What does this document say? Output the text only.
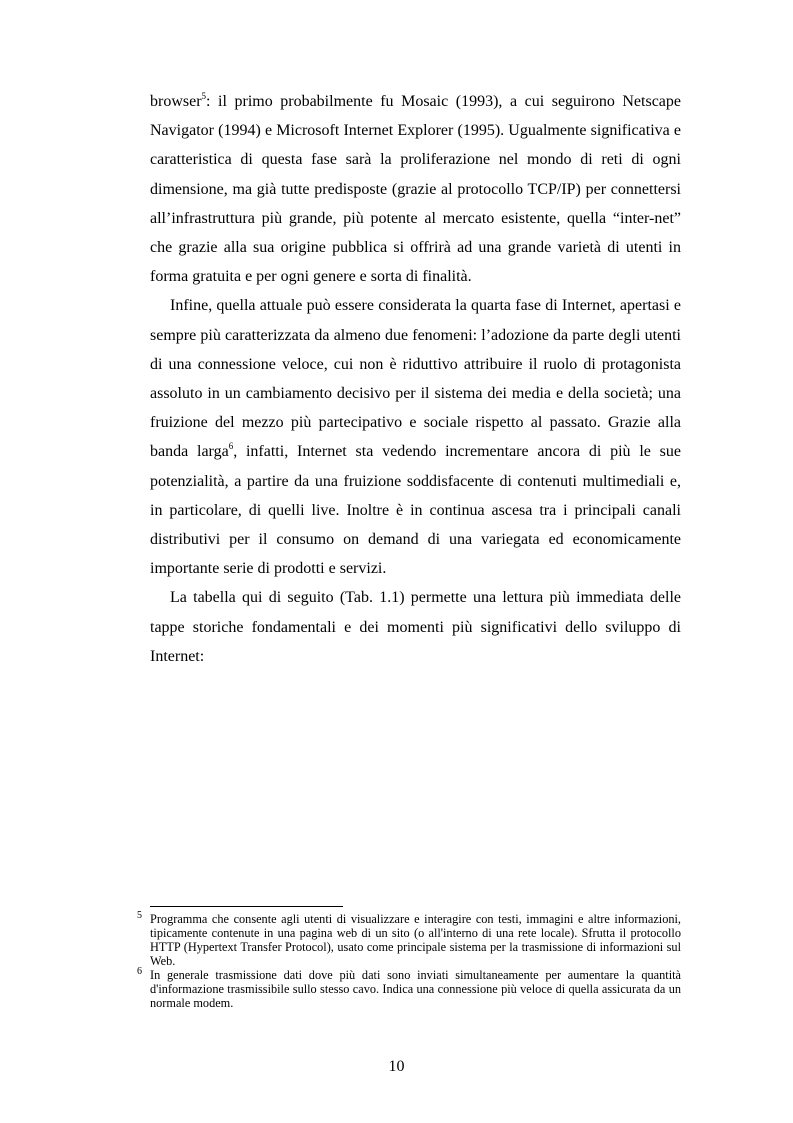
browser$^5$: il primo probabilmente fu Mosaic (1993), a cui seguirono Netscape Navigator (1994) e Microsoft Internet Explorer (1995). Ugualmente significativa e caratteristica di questa fase sarà la proliferazione nel mondo di reti di ogni dimensione, ma già tutte predisposte (grazie al protocollo TCP/IP) per connettersi all’infrastruttura più grande, più potente al mercato esistente, quella “inter-net” che grazie alla sua origine pubblica si offrirà ad una grande varietà di utenti in forma gratuita e per ogni genere e sorta di finalità.

Infine, quella attuale può essere considerata la quarta fase di Internet, apertasi e sempre più caratterizzata da almeno due fenomeni: l’adozione da parte degli utenti di una connessione veloce, cui non è riduttivo attribuire il ruolo di protagonista assoluto in un cambiamento decisivo per il sistema dei media e della società; una fruizione del mezzo più partecipativo e sociale rispetto al passato. Grazie alla banda larga$^6$, infatti, Internet sta vedendo incrementare ancora di più le sue potenzialità, a partire da una fruizione soddisfacente di contenuti multimediali e, in particolare, di quelli live. Inoltre è in continua ascesa tra i principali canali distributivi per il consumo on demand di una variegata ed economicamente importante serie di prodotti e servizi.

La tabella qui di seguito (Tab. 1.1) permette una lettura più immediata delle tappe storiche fondamentali e dei momenti più significativi dello sviluppo di Internet:

5 Programma che consente agli utenti di visualizzare e interagire con testi, immagini e altre informazioni, tipicamente contenute in una pagina web di un sito (o all'interno di una rete locale). Sfrutta il protocollo HTTP (Hypertext Transfer Protocol), usato come principale sistema per la trasmissione di informazioni sul Web.
6 In generale trasmissione dati dove più dati sono inviati simultaneamente per aumentare la quantità d'informazione trasmissibile sullo stesso cavo. Indica una connessione più veloce di quella assicurata da un normale modem.
10
